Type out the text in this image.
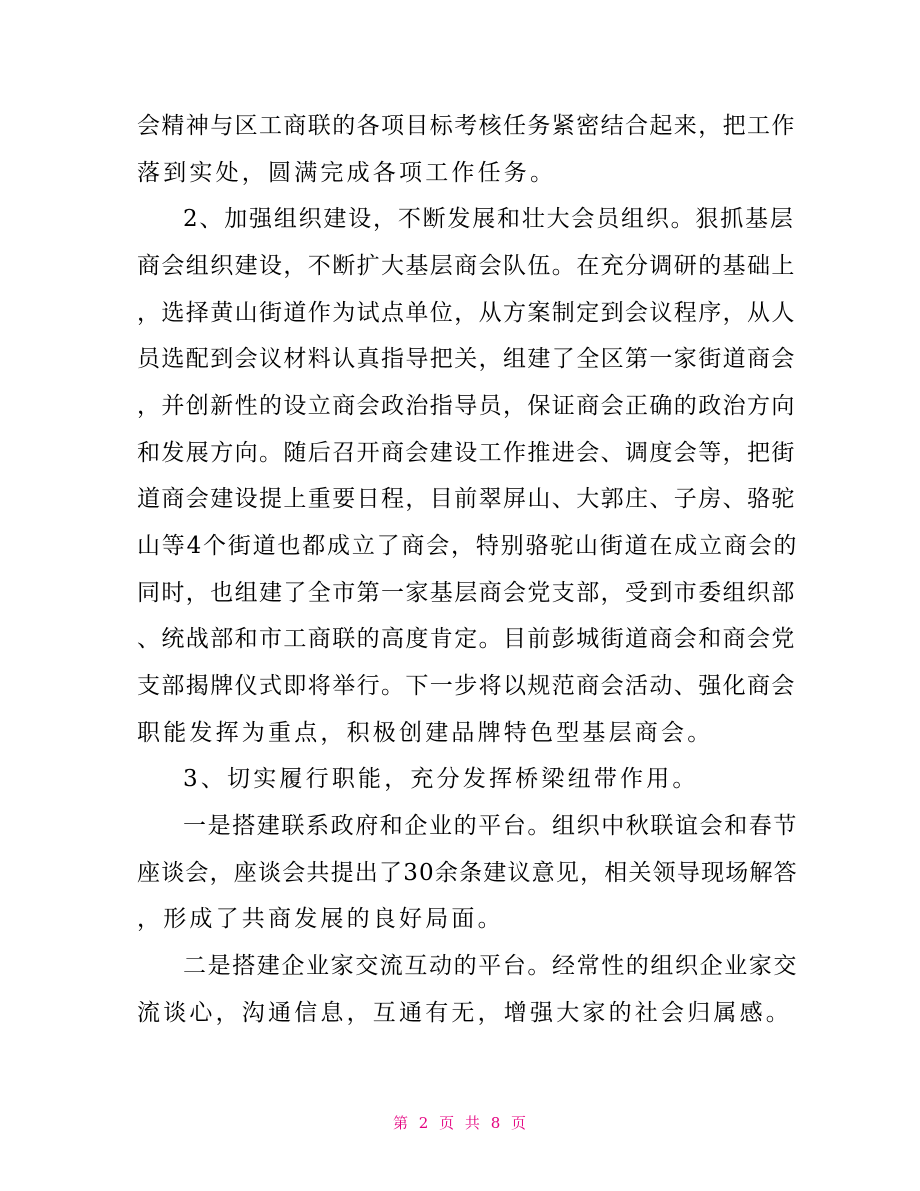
会精神与区工商联的各项目标考核任务紧密结合起来，把工作
落到实处，圆满完成各项工作任务。
2、加强组织建设，不断发展和壮大会员组织。狠抓基层
商会组织建设，不断扩大基层商会队伍。在充分调研的基础上
，选择黄山街道作为试点单位，从方案制定到会议程序，从人
员选配到会议材料认真指导把关，组建了全区第一家街道商会
，并创新性的设立商会政治指导员，保证商会正确的政治方向
和发展方向。随后召开商会建设工作推进会、调度会等，把街
道商会建设提上重要日程，目前翠屏山、大郭庄、子房、骆驼
山等4个街道也都成立了商会，特别骆驼山街道在成立商会的
同时，也组建了全市第一家基层商会党支部，受到市委组织部
、统战部和市工商联的高度肯定。目前彭城街道商会和商会党
支部揭牌仪式即将举行。下一步将以规范商会活动、强化商会
职能发挥为重点，积极创建品牌特色型基层商会。
3、切实履行职能，充分发挥桥梁纽带作用。
一是搭建联系政府和企业的平台。组织中秋联谊会和春节
座谈会，座谈会共提出了30余条建议意见，相关领导现场解答
，形成了共商发展的良好局面。
二是搭建企业家交流互动的平台。经常性的组织企业家交
流谈心，沟通信息，互通有无，增强大家的社会归属感。
第 2 页 共 8 页
